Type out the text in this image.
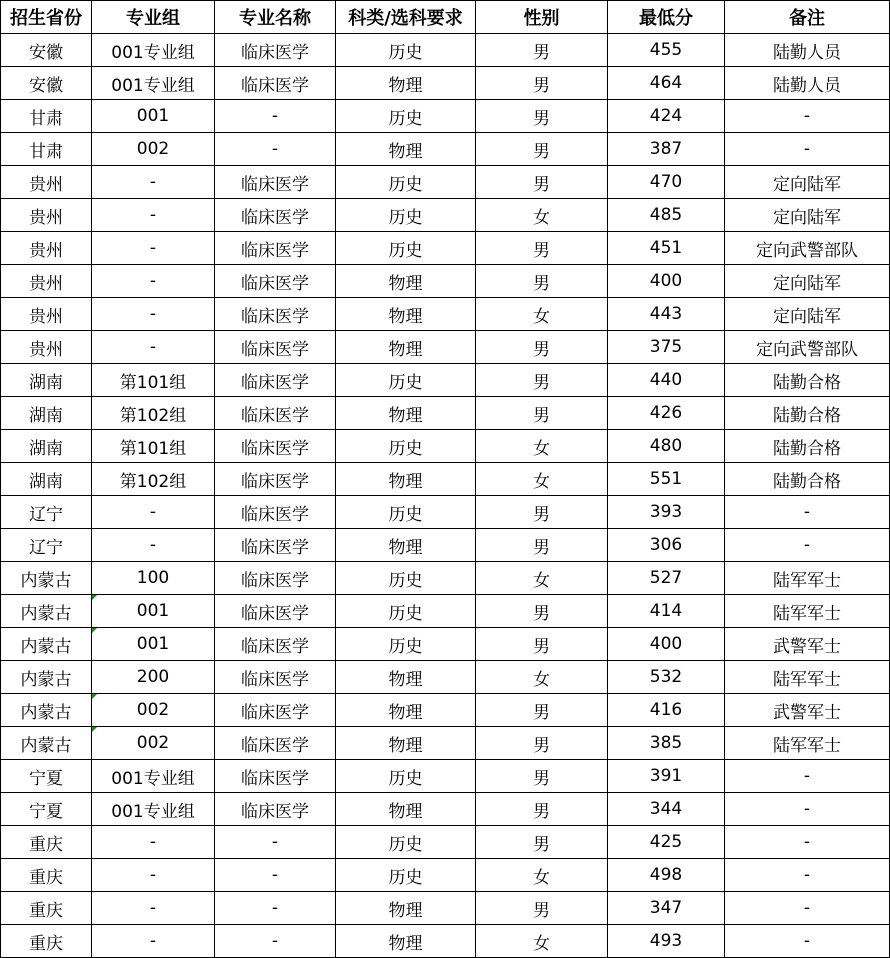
招生省份	专业组	专业名称	科类/选科要求	性别	最低分	备注
安徽	001专业组	临床医学	历史	男	455	陆勤人员
安徽	001专业组	临床医学	物理	男	464	陆勤人员
甘肃	001	-	历史	男	424	-
甘肃	002	-	物理	男	387	-
贵州	-	临床医学	历史	男	470	定向陆军
贵州	-	临床医学	历史	女	485	定向陆军
贵州	-	临床医学	历史	男	451	定向武警部队
贵州	-	临床医学	物理	男	400	定向陆军
贵州	-	临床医学	物理	女	443	定向陆军
贵州	-	临床医学	物理	男	375	定向武警部队
湖南	第101组	临床医学	历史	男	440	陆勤合格
湖南	第102组	临床医学	物理	男	426	陆勤合格
湖南	第101组	临床医学	历史	女	480	陆勤合格
湖南	第102组	临床医学	物理	女	551	陆勤合格
辽宁	-	临床医学	历史	男	393	-
辽宁	-	临床医学	物理	男	306	-
内蒙古	100	临床医学	历史	女	527	陆军军士
内蒙古	001	临床医学	历史	男	414	陆军军士
内蒙古	001	临床医学	历史	男	400	武警军士
内蒙古	200	临床医学	物理	女	532	陆军军士
内蒙古	002	临床医学	物理	男	416	武警军士
内蒙古	002	临床医学	物理	男	385	陆军军士
宁夏	001专业组	临床医学	历史	男	391	-
宁夏	001专业组	临床医学	物理	男	344	-
重庆	-	-	历史	男	425	-
重庆	-	-	历史	女	498	-
重庆	-	-	物理	男	347	-
重庆	-	-	物理	女	493	-
